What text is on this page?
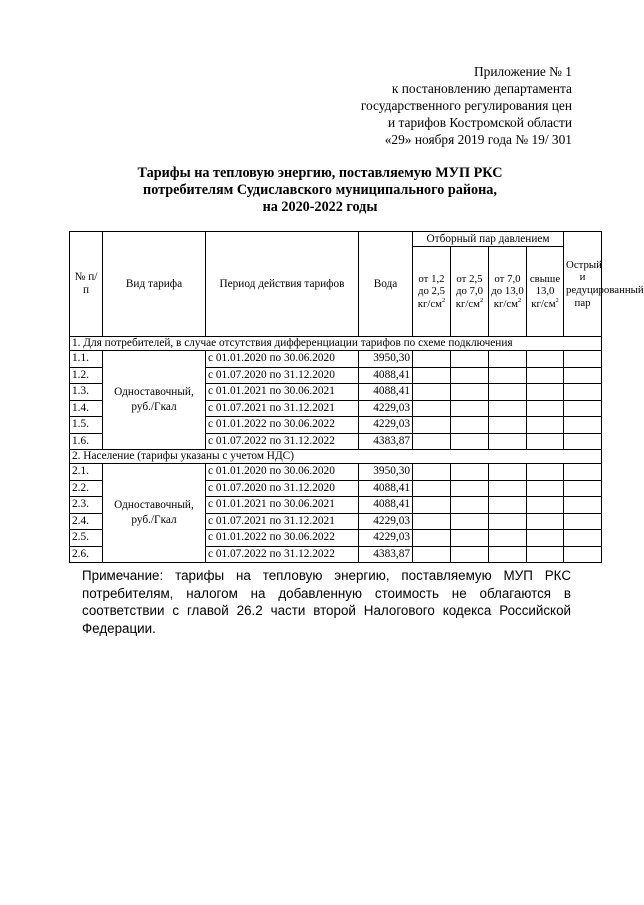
Приложение № 1
к постановлению департамента
государственного регулирования цен
и тарифов Костромской области
«29» ноября 2019 года № 19/ 301
Тарифы на тепловую энергию, поставляемую МУП РКС
потребителям Судиславского муниципального района,
на 2020-2022 годы
№ п/п	Вид тарифа	Период действия тарифов	Вода	Отборный пар давлением				Острый и редуцированный пар
				от 1,2 до 2,5 $кг/см^2$	от 2,5 до 7,0 $кг/см^2$	от 7,0 до 13,0 $кг/см^2$	свыше 13,0 $кг/см^2$
1. Для потребителей, в случае отсутствия дифференциации тарифов по схеме подключения								
1.1.	Одноставочный, руб./Гкал	с 01.01.2020 по 30.06.2020	3950,30					
1.2.		с 01.07.2020 по 31.12.2020	4088,41					
1.3.		с 01.01.2021 по 30.06.2021	4088,41					
1.4.		с 01.07.2021 по 31.12.2021	4229,03					
1.5.		с 01.01.2022 по 30.06.2022	4229,03					
1.6.		с 01.07.2022 по 31.12.2022	4383,87					
2. Население (тарифы указаны с учетом НДС)								
2.1.	Одноставочный, руб./Гкал	с 01.01.2020 по 30.06.2020	3950,30					
2.2.		с 01.07.2020 по 31.12.2020	4088,41					
2.3.		с 01.01.2021 по 30.06.2021	4088,41					
2.4.		с 01.07.2021 по 31.12.2021	4229,03					
2.5.		с 01.01.2022 по 30.06.2022	4229,03					
2.6.		с 01.07.2022 по 31.12.2022	4383,87					
Примечание: тарифы на тепловую энергию, поставляемую МУП РКС потребителям, налогом на добавленную стоимость не облагаются в соответствии с главой 26.2 части второй Налогового кодекса Российской Федерации.
